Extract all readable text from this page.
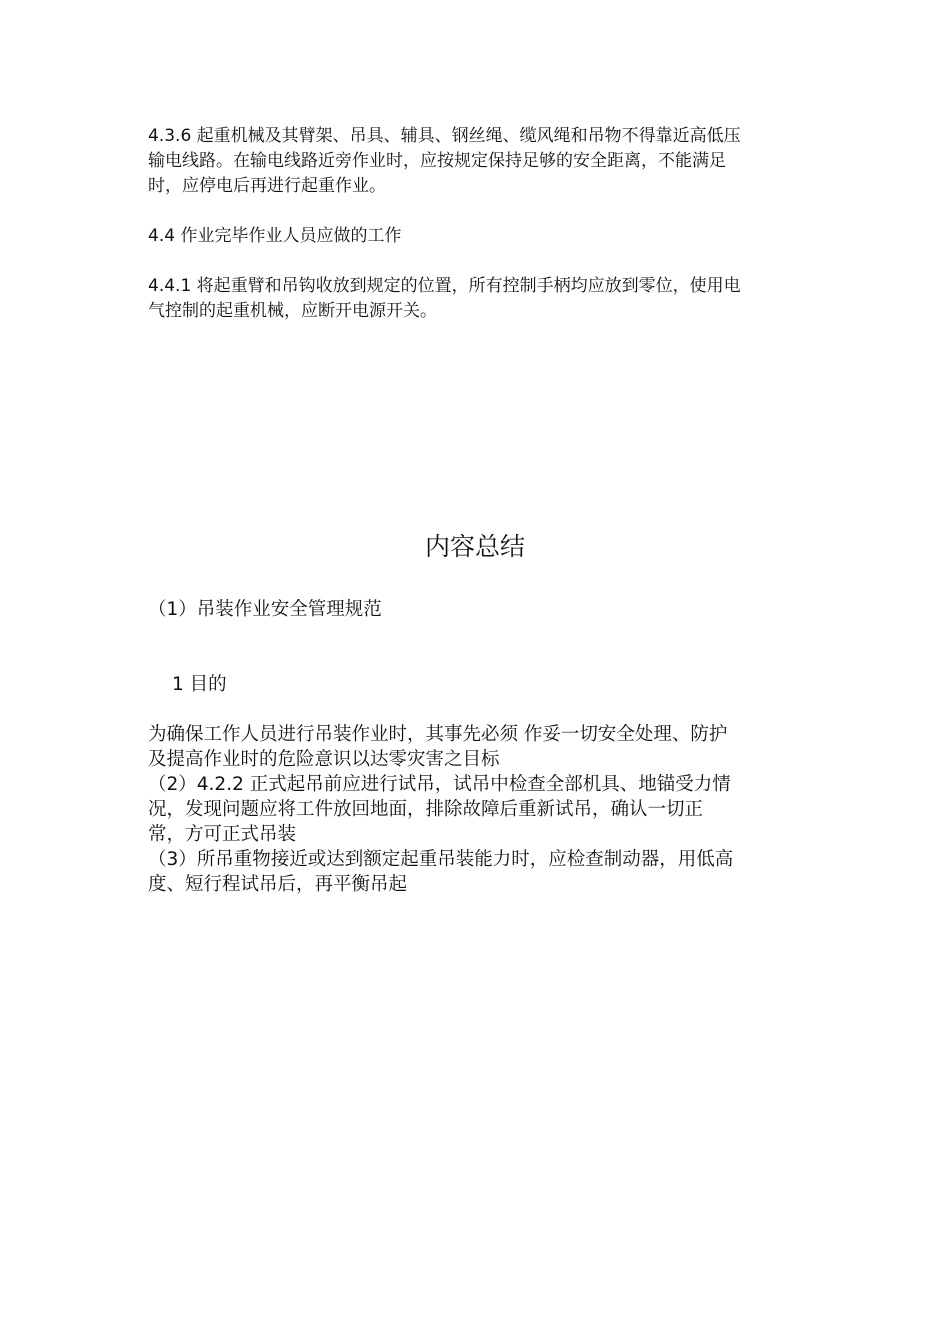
4.3.6 起重机械及其臂架、吊具、辅具、钢丝绳、缆风绳和吊物不得靠近高低压
输电线路。在输电线路近旁作业时，应按规定保持足够的安全距离，不能满足
时，应停电后再进行起重作业。

4.4 作业完毕作业人员应做的工作

4.4.1 将起重臂和吊钩收放到规定的位置，所有控制手柄均应放到零位，使用电
气控制的起重机械，应断开电源开关。

内容总结

（1）吊装作业安全管理规范

1 目的

为确保工作人员进行吊装作业时，其事先必须 作妥一切安全处理、防护
及提高作业时的危险意识以达零灾害之目标

（2）4.2.2 正式起吊前应进行试吊，试吊中检查全部机具、地锚受力情
况，发现问题应将工件放回地面，排除故障后重新试吊，确认一切正
常，方可正式吊装

（3）所吊重物接近或达到额定起重吊装能力时，应检查制动器，用低高
度、短行程试吊后，再平衡吊起
